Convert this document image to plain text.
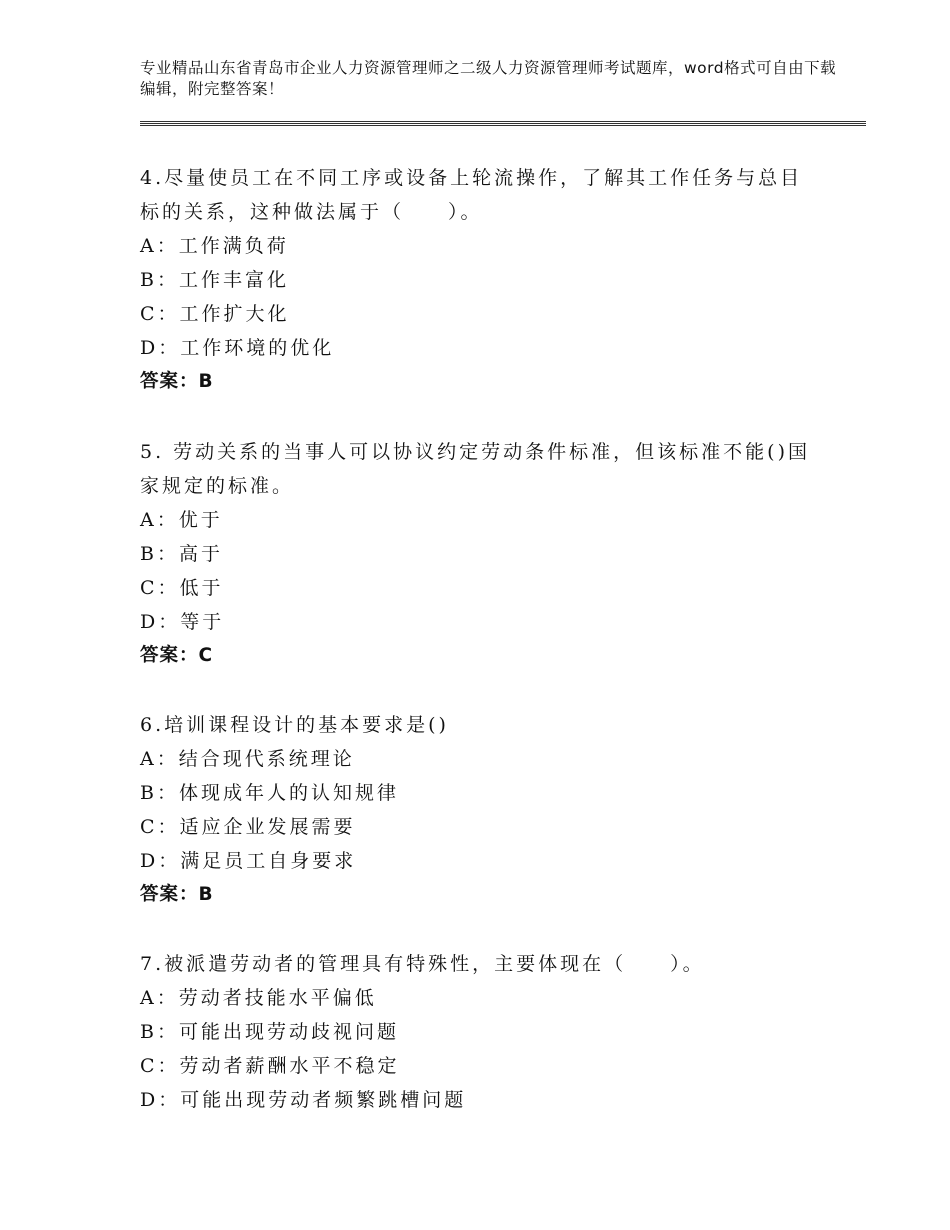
专业精品山东省青岛市企业人力资源管理师之二级人力资源管理师考试题库，word格式可自由下载编辑，附完整答案！
4.尽量使员工在不同工序或设备上轮流操作，了解其工作任务与总目标的关系，这种做法属于（　　）。
A：工作满负荷
B：工作丰富化
C：工作扩大化
D：工作环境的优化
答案：B
5. 劳动关系的当事人可以协议约定劳动条件标准，但该标准不能()国家规定的标准。
A：优于
B：高于
C：低于
D：等于
答案：C
6.培训课程设计的基本要求是()
A：结合现代系统理论
B：体现成年人的认知规律
C：适应企业发展需要
D：满足员工自身要求
答案：B
7.被派遣劳动者的管理具有特殊性，主要体现在（　　）。
A：劳动者技能水平偏低
B：可能出现劳动歧视问题
C：劳动者薪酬水平不稳定
D：可能出现劳动者频繁跳槽问题
